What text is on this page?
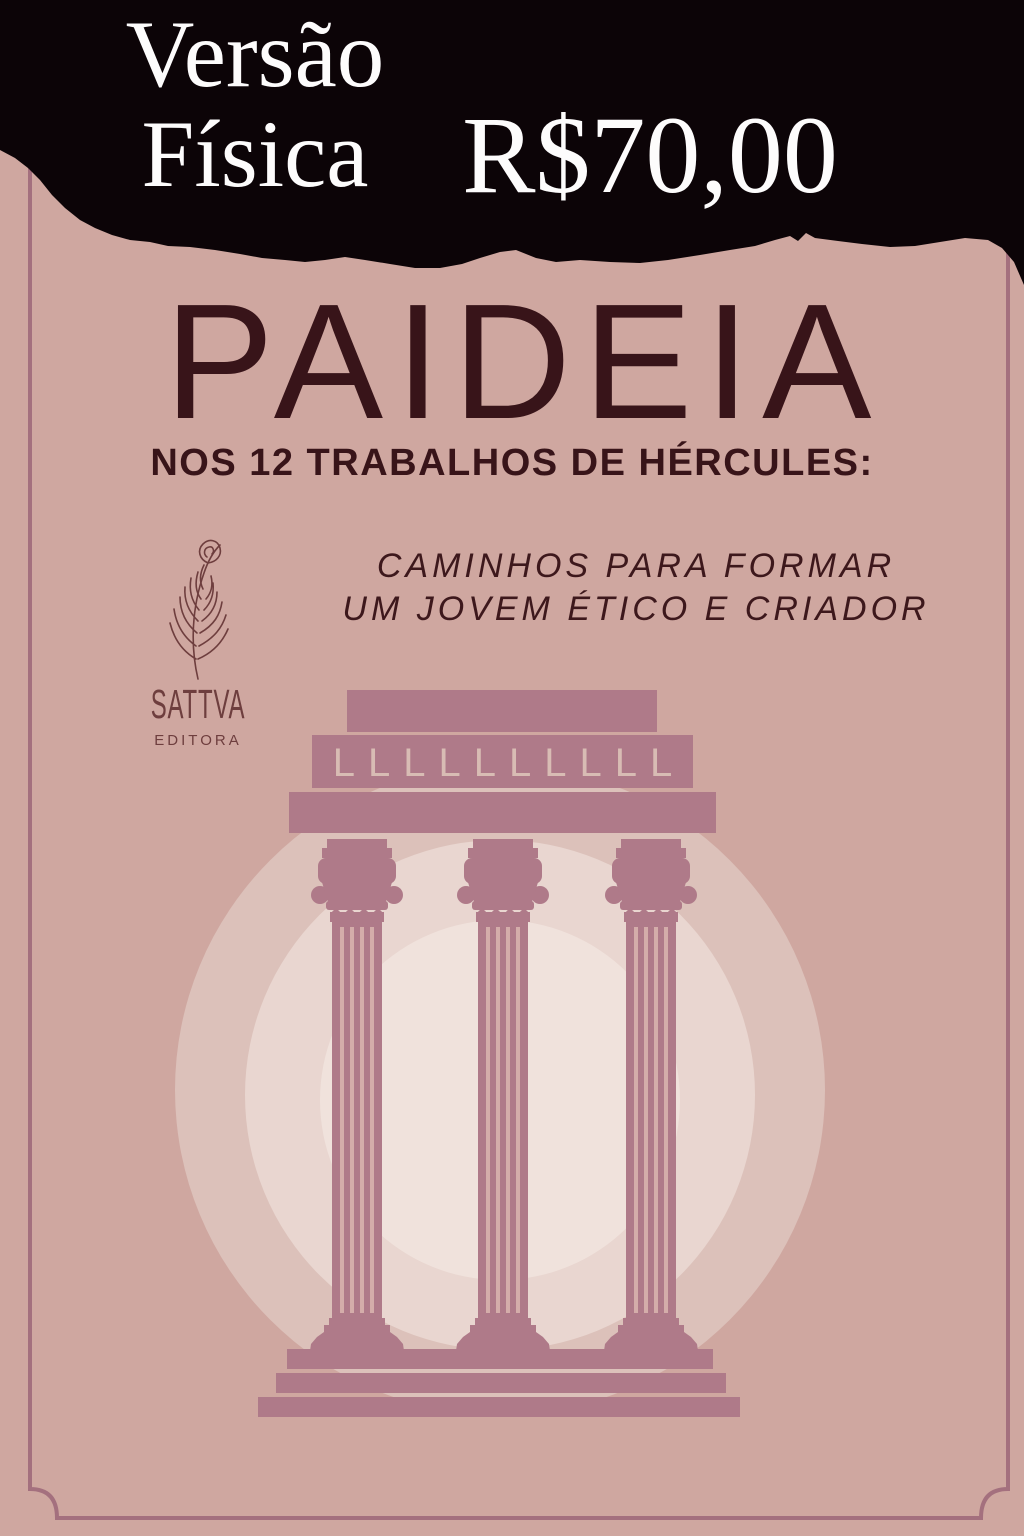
LLLLLLLLLL
Versão
Física R$70,00
PAIDEIA
NOS 12 TRABALHOS DE HÉRCULES:
CAMINHOS PARA FORMAR
UM JOVEM ÉTICO E CRIADOR
SATTVA
EDITORA
